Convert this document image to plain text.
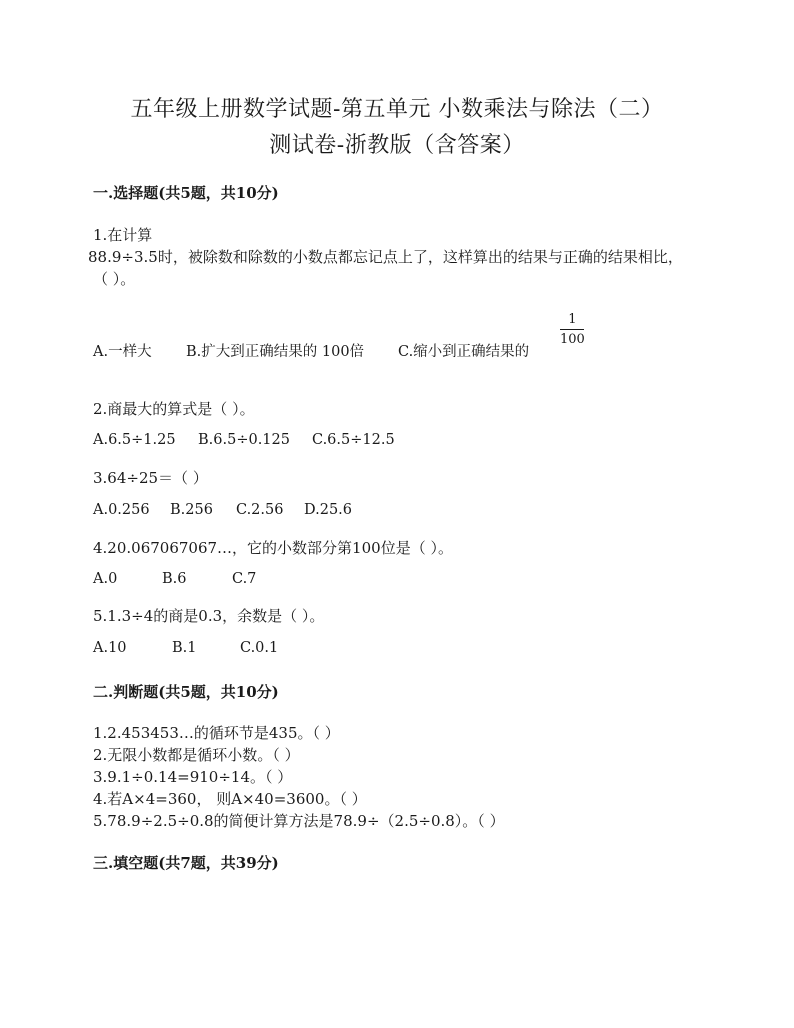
五年级上册数学试题-第五单元 小数乘法与除法（二）
测试卷-浙教版（含答案）
一.选择题(共5题，共10分)
1.在计算
88.9÷3.5时，被除数和除数的小数点都忘记点上了，这样算出的结果与正确的结果相比，
（ ）。
A.一样大 B.扩大到正确结果的 100倍 C.缩小到正确结果的
1
100
2.商最大的算式是（ ）。
A.6.5÷1.25 B.6.5÷0.125 C.6.5÷12.5
3.64÷25＝（ ）
A.0.256 B.256 C.2.56 D.25.6
4.20.067067067…，它的小数部分第100位是（ ）。
A.0	B.6	C.7
5.1.3÷4的商是0.3，余数是（ ）。
A.10	B.1	C.0.1
二.判断题(共5题，共10分)
1.2.453453…的循环节是435。（ ）
2.无限小数都是循环小数。（ ）
3.9.1÷0.14=910÷14。（ ）
4.若A×4=360， 则A×40=3600。（ ）
5.78.9÷2.5÷0.8的简便计算方法是78.9÷（2.5÷0.8）。（ ）
三.填空题(共7题，共39分)
